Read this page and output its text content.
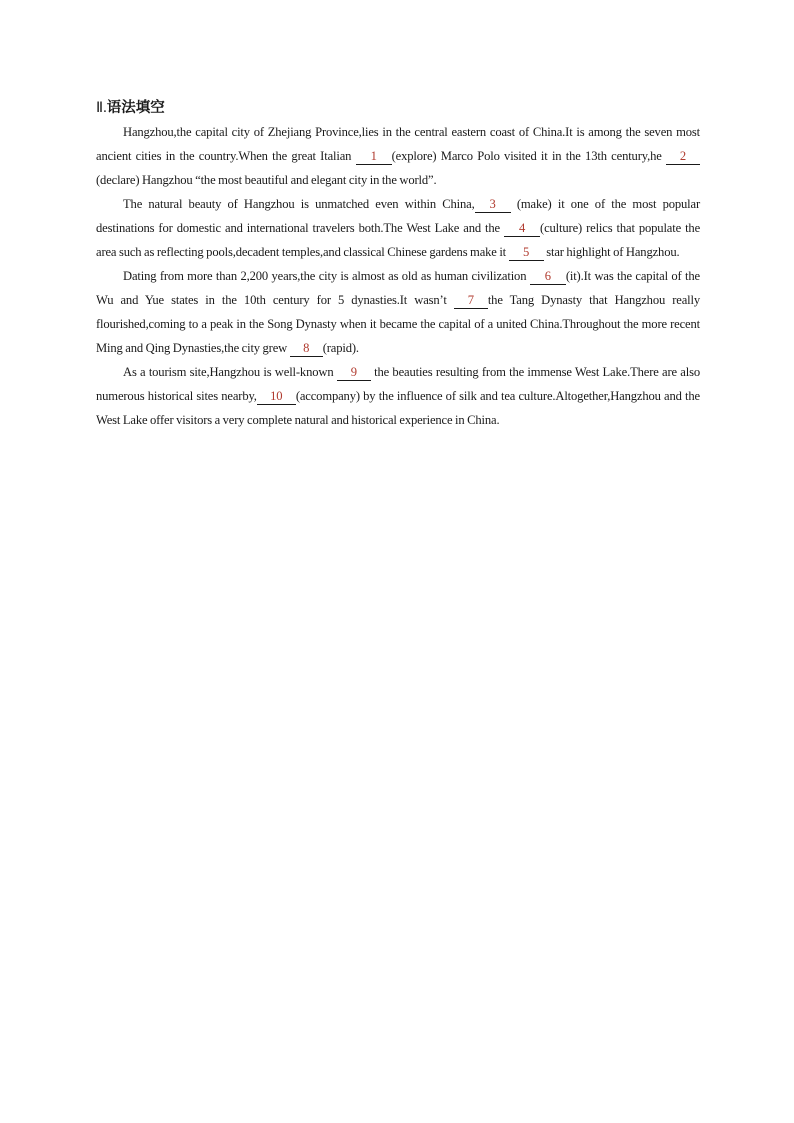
Ⅱ.语法填空

Hangzhou,the capital city of Zhejiang Province,lies in the central eastern coast of China.It is among the seven most ancient cities in the country.When the great Italian 1 (explore) Marco Polo visited it in the 13th century,he 2(declare) Hangzhou “the most beautiful and elegant city in the world”.

The natural beauty of Hangzhou is unmatched even within China, 3 (make) it one of the most popular destinations for domestic and international travelers both.The West Lake and the 4 (culture) relics that populate the area such as reflecting pools,decadent temples,and classical Chinese gardens make it 5 star highlight of Hangzhou.

Dating from more than 2,200 years,the city is almost as old as human civilization 6 (it).It was the capital of the Wu and Yue states in the 10th century for 5 dynasties.It wasn’t 7 the Tang Dynasty that Hangzhou really flourished,coming to a peak in the Song Dynasty when it became the capital of a united China.Throughout the more recent Ming and Qing Dynasties,the city grew 8 (rapid).

As a tourism site,Hangzhou is well-known 9 the beauties resulting from the immense West Lake.There are also numerous historical sites nearby, 10 (accompany) by the influence of silk and tea culture.Altogether,Hangzhou and the West Lake offer visitors a very complete natural and historical experience in China.
